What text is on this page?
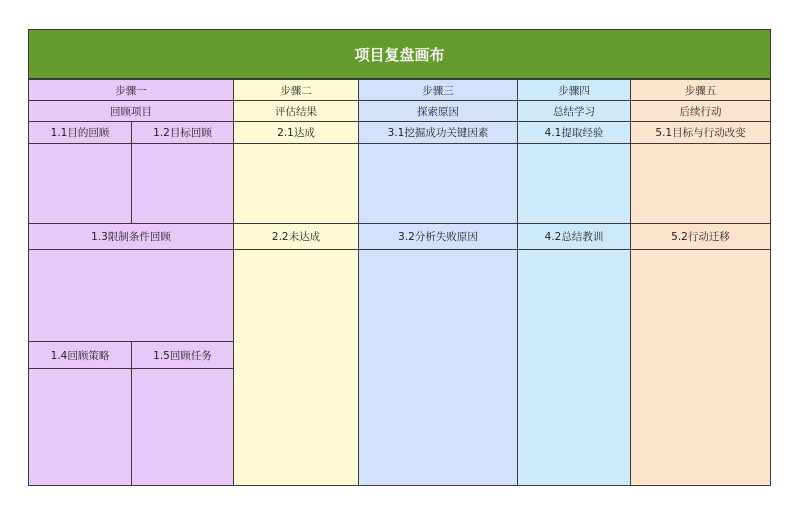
项目复盘画布
步骤一
回顾项目
1.1目的回顾	1.2目标回顾
1.3限制条件回顾
1.4回顾策略	1.5回顾任务
步骤二
评估结果
2.1达成
2.2未达成
步骤三
探索原因
3.1挖掘成功关键因素
3.2分析失败原因
步骤四
总结学习
4.1提取经验
4.2总结教训
步骤五
后续行动
5.1目标与行动改变
5.2行动迁移
